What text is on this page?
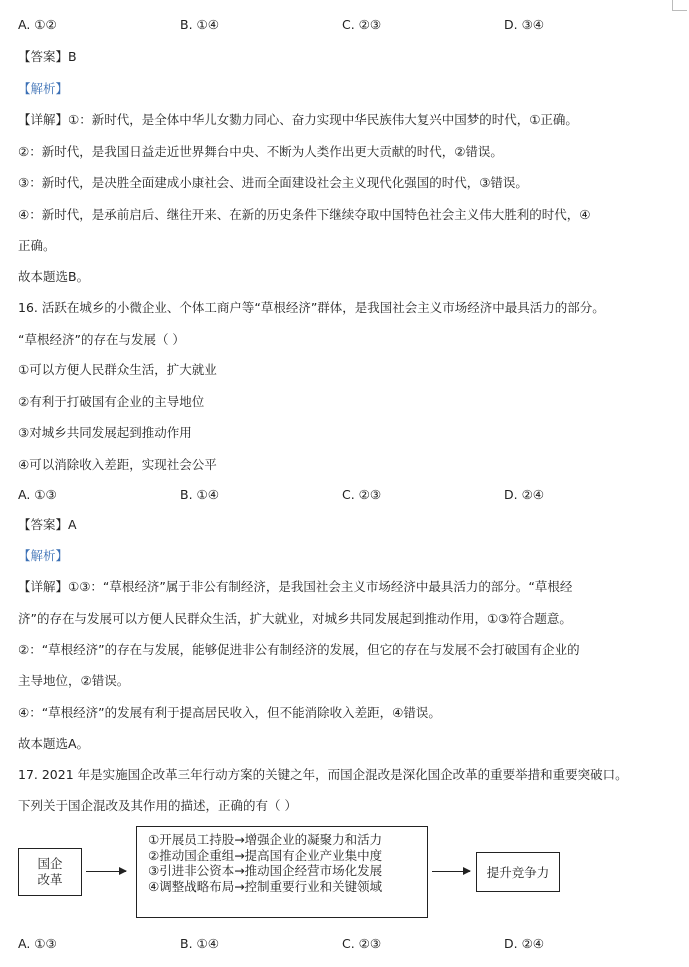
A. ①②	B. ①④	C. ②③	D. ③④
【答案】B
【解析】
【详解】①：新时代，是全体中华儿女勠力同心、奋力实现中华民族伟大复兴中国梦的时代，①正确。
②：新时代，是我国日益走近世界舞台中央、不断为人类作出更大贡献的时代，②错误。
③：新时代，是决胜全面建成小康社会、进而全面建设社会主义现代化强国的时代，③错误。
④：新时代，是承前启后、继往开来、在新的历史条件下继续夺取中国特色社会主义伟大胜利的时代，④
正确。
故本题选B。
16. 活跃在城乡的小微企业、个体工商户等“草根经济”群体，是我国社会主义市场经济中最具活力的部分。
“草根经济”的存在与发展（ ）
①可以方便人民群众生活，扩大就业
②有利于打破国有企业的主导地位
③对城乡共同发展起到推动作用
④可以消除收入差距，实现社会公平
A. ①③	B. ①④	C. ②③	D. ②④
【答案】A
【解析】
【详解】①③：“草根经济”属于非公有制经济，是我国社会主义市场经济中最具活力的部分。“草根经
济”的存在与发展可以方便人民群众生活，扩大就业，对城乡共同发展起到推动作用，①③符合题意。
②：“草根经济”的存在与发展，能够促进非公有制经济的发展，但它的存在与发展不会打破国有企业的
主导地位，②错误。
④：“草根经济”的发展有利于提高居民收入，但不能消除收入差距，④错误。
故本题选A。
17. 2021 年是实施国企改革三年行动方案的关键之年，而国企混改是深化国企改革的重要举措和重要突破口。
下列关于国企混改及其作用的描述，正确的有（ ）
国企改革
①开展员工持股→增强企业的凝聚力和活力
②推动国企重组→提高国有企业产业集中度
③引进非公资本→推动国企经营市场化发展
④调整战略布局→控制重要行业和关键领域
提升竞争力
A. ①③	B. ①④	C. ②③	D. ②④
